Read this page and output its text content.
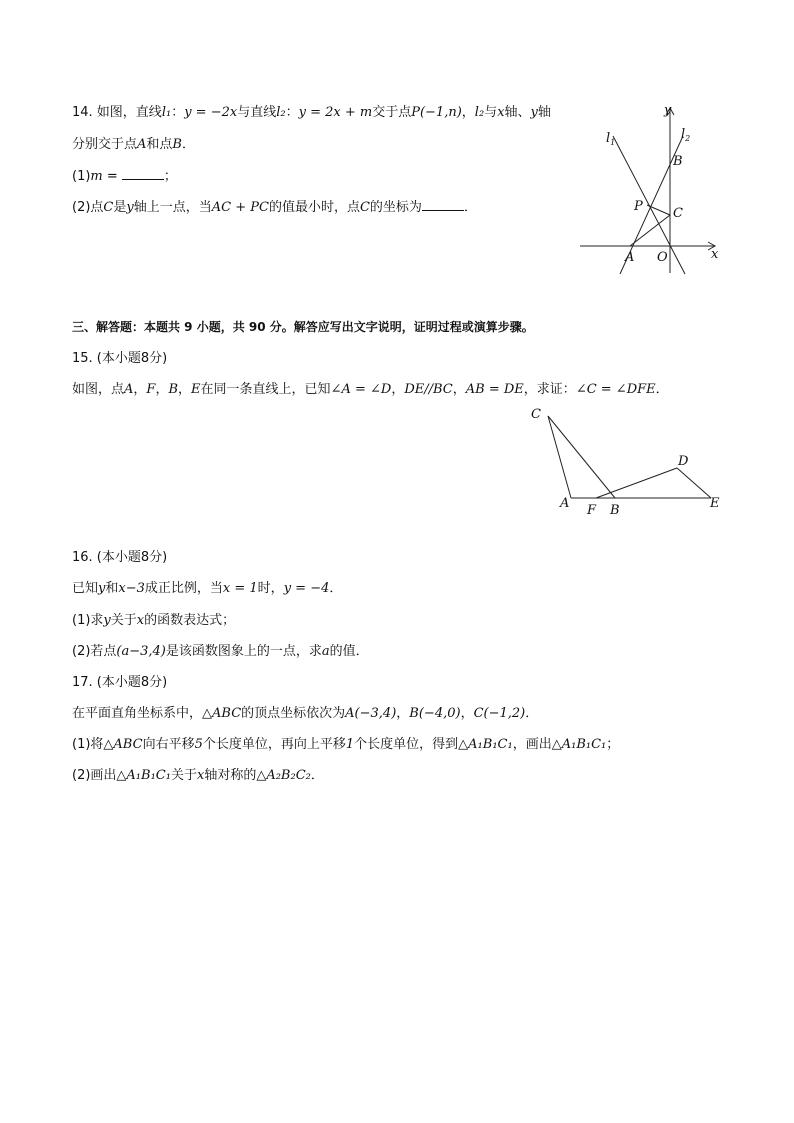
14. 如图，直线l₁：y = −2x与直线l₂：y = 2x + m交于点P(−1,n)，l₂与x轴、y轴
分别交于点A和点B．
(1)m =	；
(2)点C是y轴上一点，当AC + PC的值最小时，点C的坐标为	．
y
x
$l_1$
$l_2$
B
P C
A O
三、解答题：本题共 9 小题，共 90 分。解答应写出文字说明，证明过程或演算步骤。
15. (本小题8分)
如图，点A，F，B，E在同一条直线上，已知∠A = ∠D，DE//BC，AB = DE，求证：∠C = ∠DFE．
C
D
A F B	E
16. (本小题8分)
已知y和x−3成正比例，当x = 1时，y = −4．
(1)求y关于x的函数表达式；
(2)若点(a−3,4)是该函数图象上的一点，求a的值．
17. (本小题8分)
在平面直角坐标系中，△ABC的顶点坐标依次为A(−3,4)，B(−4,0)，C(−1,2)．
(1)将△ABC向右平移5个长度单位，再向上平移1个长度单位，得到△A₁B₁C₁，画出△A₁B₁C₁；
(2)画出△A₁B₁C₁关于x轴对称的△A₂B₂C₂．
